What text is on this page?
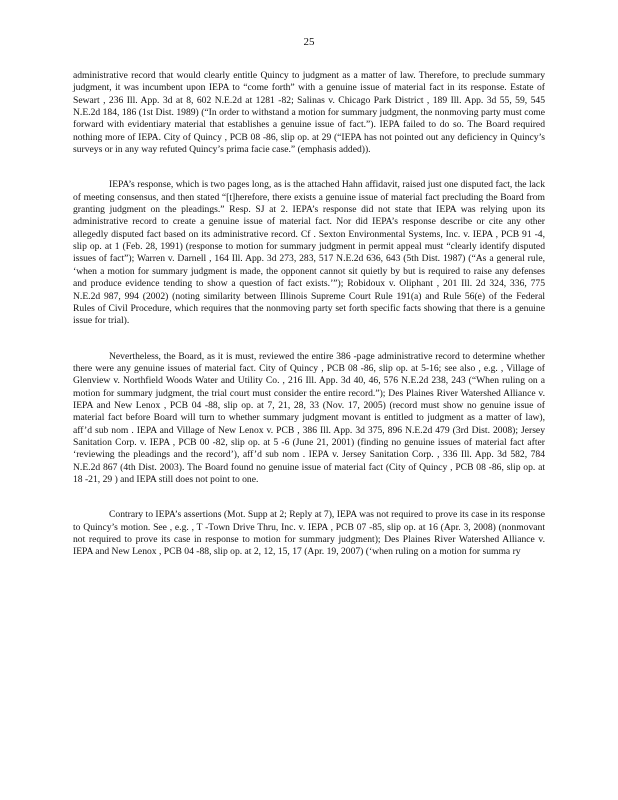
25

administrative record that would clearly entitle Quincy to judgment as a matter of law. Therefore, to preclude summary judgment, it was incumbent upon IEPA to “come forth” with a genuine issue of material fact in its response. Estate of Sewart , 236 Ill. App. 3d at 8, 602 N.E.2d at 1281 -82; Salinas v. Chicago Park District , 189 Ill. App. 3d 55, 59, 545 N.E.2d 184, 186 (1st Dist. 1989) (“In order to withstand a motion for summary judgment, the nonmoving party must come forward with evidentiary material that establishes a genuine issue of fact.”). IEPA failed to do so. The Board required nothing more of IEPA. City of Quincy , PCB 08 -86, slip op. at 29 (“IEPA has not pointed out any deficiency in Quincy’s surveys or in any way refuted Quincy’s prima facie case.” (emphasis added)).

IEPA’s response, which is two pages long, as is the attached Hahn affidavit, raised just one disputed fact, the lack of meeting consensus, and then stated “[t]herefore, there exists a genuine issue of material fact precluding the Board from granting judgment on the pleadings.” Resp. SJ at 2. IEPA’s response did not state that IEPA was relying upon its administrative record to create a genuine issue of material fact. Nor did IEPA’s response describe or cite any other allegedly disputed fact based on its administrative record. Cf . Sexton Environmental Systems, Inc. v. IEPA , PCB 91 -4, slip op. at 1 (Feb. 28, 1991) (response to motion for summary judgment in permit appeal must “clearly identify disputed issues of fact”); Warren v. Darnell , 164 Ill. App. 3d 273, 283, 517 N.E.2d 636, 643 (5th Dist. 1987) (“As a general rule, ‘when a motion for summary judgment is made, the opponent cannot sit quietly by but is required to raise any defenses and produce evidence tending to show a question of fact exists.’”); Robidoux v. Oliphant , 201 Ill. 2d 324, 336, 775 N.E.2d 987, 994 (2002) (noting similarity between Illinois Supreme Court Rule 191(a) and Rule 56(e) of the Federal Rules of Civil Procedure, which requires that the nonmoving party set forth specific facts showing that there is a genuine issue for trial).

Nevertheless, the Board, as it is must, reviewed the entire 386 -page administrative record to determine whether there were any genuine issues of material fact. City of Quincy , PCB 08 -86, slip op. at 5-16; see also , e.g. , Village of Glenview v. Northfield Woods Water and Utility Co. , 216 Ill. App. 3d 40, 46, 576 N.E.2d 238, 243 (“When ruling on a motion for summary judgment, the trial court must consider the entire record.”); Des Plaines River Watershed Alliance v. IEPA and New Lenox , PCB 04 -88, slip op. at 7, 21, 28, 33 (Nov. 17, 2005) (record must show no genuine issue of material fact before Board will turn to whether summary judgment movant is entitled to judgment as a matter of law), aff’d sub nom . IEPA and Village of New Lenox v. PCB , 386 Ill. App. 3d 375, 896 N.E.2d 479 (3rd Dist. 2008); Jersey Sanitation Corp. v. IEPA , PCB 00 -82, slip op. at 5 -6 (June 21, 2001) (finding no genuine issues of material fact after ‘reviewing the pleadings and the record’), aff’d sub nom . IEPA v. Jersey Sanitation Corp. , 336 Ill. App. 3d 582, 784 N.E.2d 867 (4th Dist. 2003). The Board found no genuine issue of material fact (City of Quincy , PCB 08 -86, slip op. at 18 -21, 29 ) and IEPA still does not point to one.

Contrary to IEPA’s assertions (Mot. Supp at 2; Reply at 7), IEPA was not required to prove its case in its response to Quincy’s motion. See , e.g. , T -Town Drive Thru, Inc. v. IEPA , PCB 07 -85, slip op. at 16 (Apr. 3, 2008) (nonmovant not required to prove its case in response to motion for summary judgment); Des Plaines River Watershed Alliance v. IEPA and New Lenox , PCB 04 -88, slip op. at 2, 12, 15, 17 (Apr. 19, 2007) (‘when ruling on a motion for summa ry
